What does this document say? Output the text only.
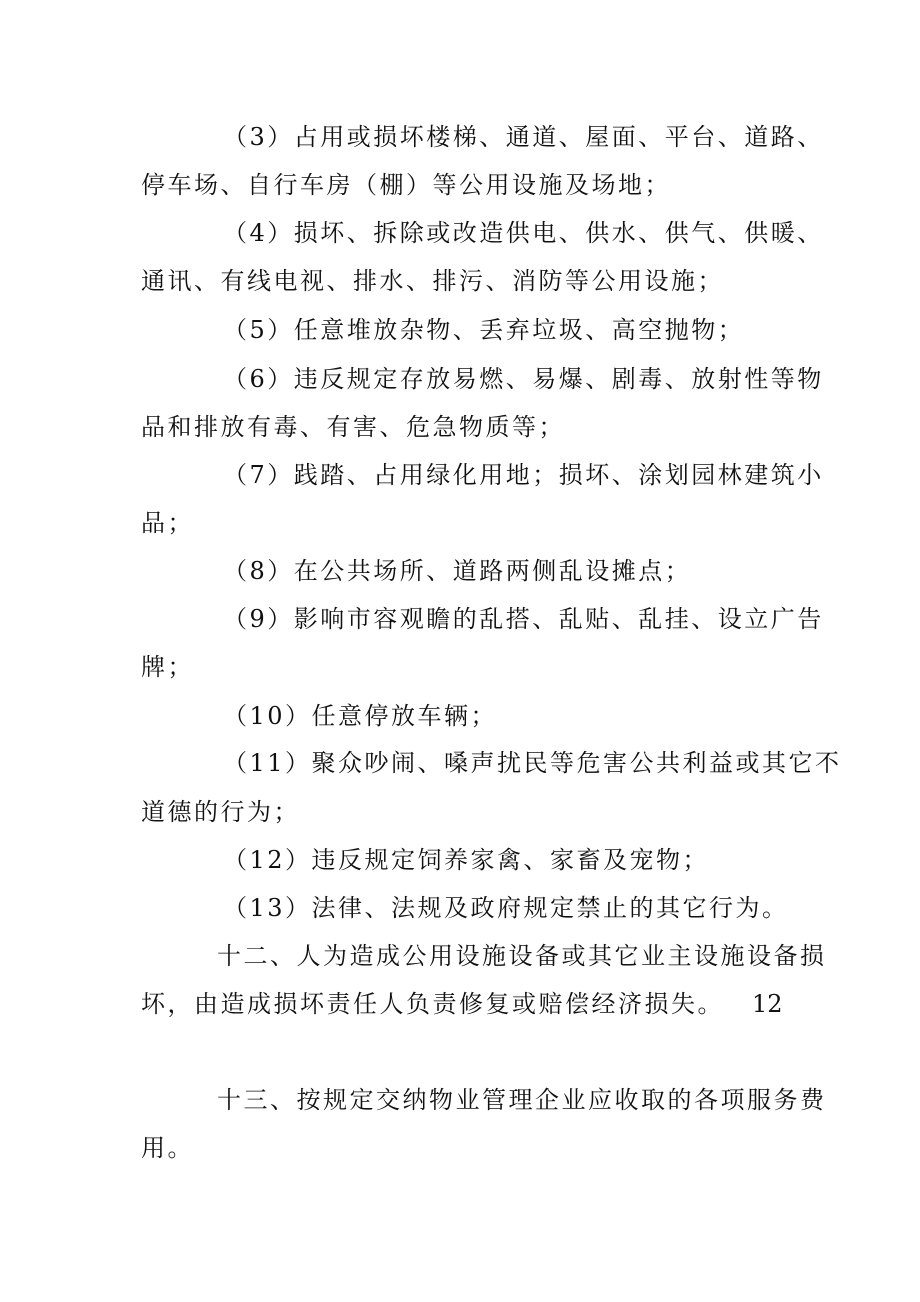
（3）占用或损坏楼梯、通道、屋面、平台、道路、
停车场、自行车房（棚）等公用设施及场地；
（4）损坏、拆除或改造供电、供水、供气、供暖、
通讯、有线电视、排水、排污、消防等公用设施；
（5）任意堆放杂物、丢弃垃圾、高空抛物；
（6）违反规定存放易燃、易爆、剧毒、放射性等物
品和排放有毒、有害、危急物质等；
（7）践踏、占用绿化用地；损坏、涂划园林建筑小
品；
（8）在公共场所、道路两侧乱设摊点；
（9）影响市容观瞻的乱搭、乱贴、乱挂、设立广告
牌；
（10）任意停放车辆；
（11）聚众吵闹、嗓声扰民等危害公共利益或其它不
道德的行为；
（12）违反规定饲养家禽、家畜及宠物；
（13）法律、法规及政府规定禁止的其它行为。
十二、人为造成公用设施设备或其它业主设施设备损
坏，由造成损坏责任人负责修复或赔偿经济损失。 12
十三、按规定交纳物业管理企业应收取的各项服务费
用。
